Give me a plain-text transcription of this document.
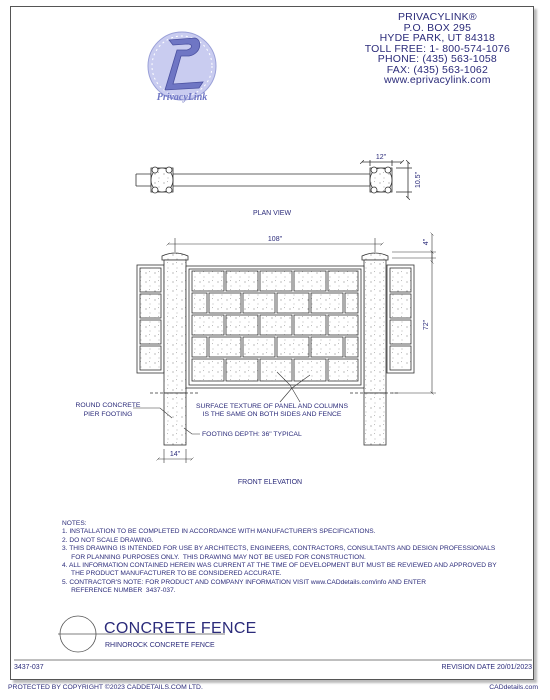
PrivacyLink
PRIVACYLINK®
P.O. BOX 295
HYDE PARK, UT 84318
TOLL FREE: 1- 800-574-1076
PHONE: (435) 563-1058
FAX: (435) 563-1062
www.eprivacylink.com
12"
10.5"
PLAN VIEW
108"	4"
72"
14"
ROUND CONCRETE
PIER FOOTING
SURFACE TEXTURE OF PANEL AND COLUMNS
IS THE SAME ON BOTH SIDES AND FENCE
FOOTING DEPTH: 36" TYPICAL
FRONT ELEVATION
NOTES:
1. INSTALLATION TO BE COMPLETED IN ACCORDANCE WITH MANUFACTURER'S SPECIFICATIONS.
2. DO NOT SCALE DRAWING.
3. THIS DRAWING IS INTENDED FOR USE BY ARCHITECTS, ENGINEERS, CONTRACTORS, CONSULTANTS AND DESIGN PROFESSIONALS
FOR PLANNING PURPOSES ONLY.  THIS DRAWING MAY NOT BE USED FOR CONSTRUCTION.
4. ALL INFORMATION CONTAINED HEREIN WAS CURRENT AT THE TIME OF DEVELOPMENT BUT MUST BE REVIEWED AND APPROVED BY
THE PRODUCT MANUFACTURER TO BE CONSIDERED ACCURATE.
5. CONTRACTOR'S NOTE: FOR PRODUCT AND COMPANY INFORMATION VISIT www.CADdetails.com/info AND ENTER
REFERENCE NUMBER  3437-037.
CONCRETE FENCE
RHINOROCK CONCRETE FENCE
3437-037	REVISION DATE 20/01/2023
PROTECTED BY COPYRIGHT ©2023 CADDETAILS.COM LTD.	CADdetails.com
